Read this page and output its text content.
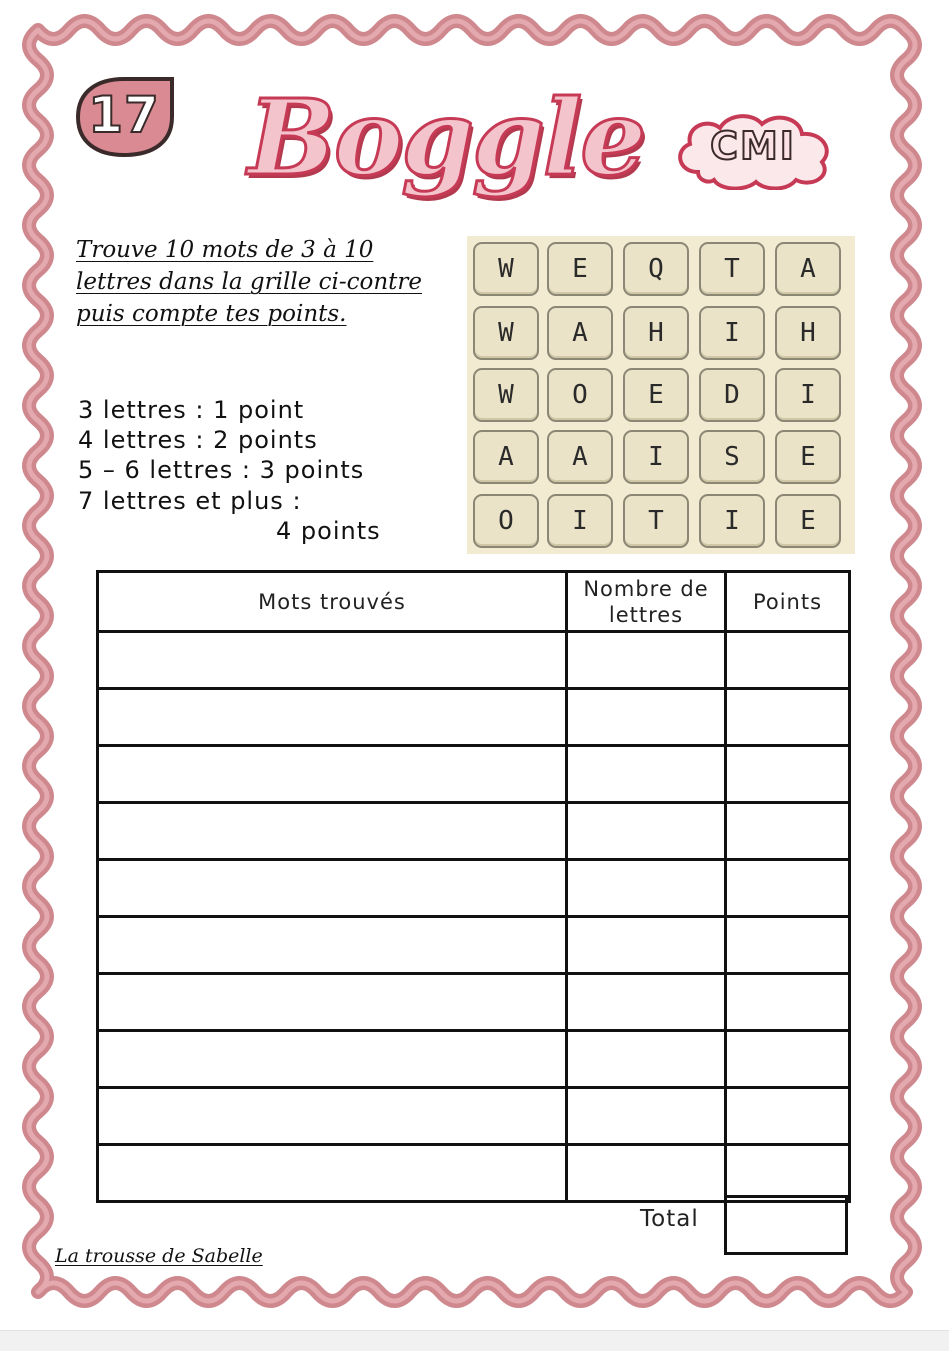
17 Boggle	CMI
Trouve 10 mots de 3 à 10 lettres dans la grille ci-contre puis compte tes points.
3 lettres : 1 point
4 lettres : 2 points
5 – 6 lettres : 3 points
7 lettres et plus :
4 points
W	E	Q	T	A
W	A	H	I	H
W	O	E	D	I
A	A	I	S	E
O	I	T	I	E
Mots trouvés	Nombre de lettres	Points

Total
La trousse de Sabelle
